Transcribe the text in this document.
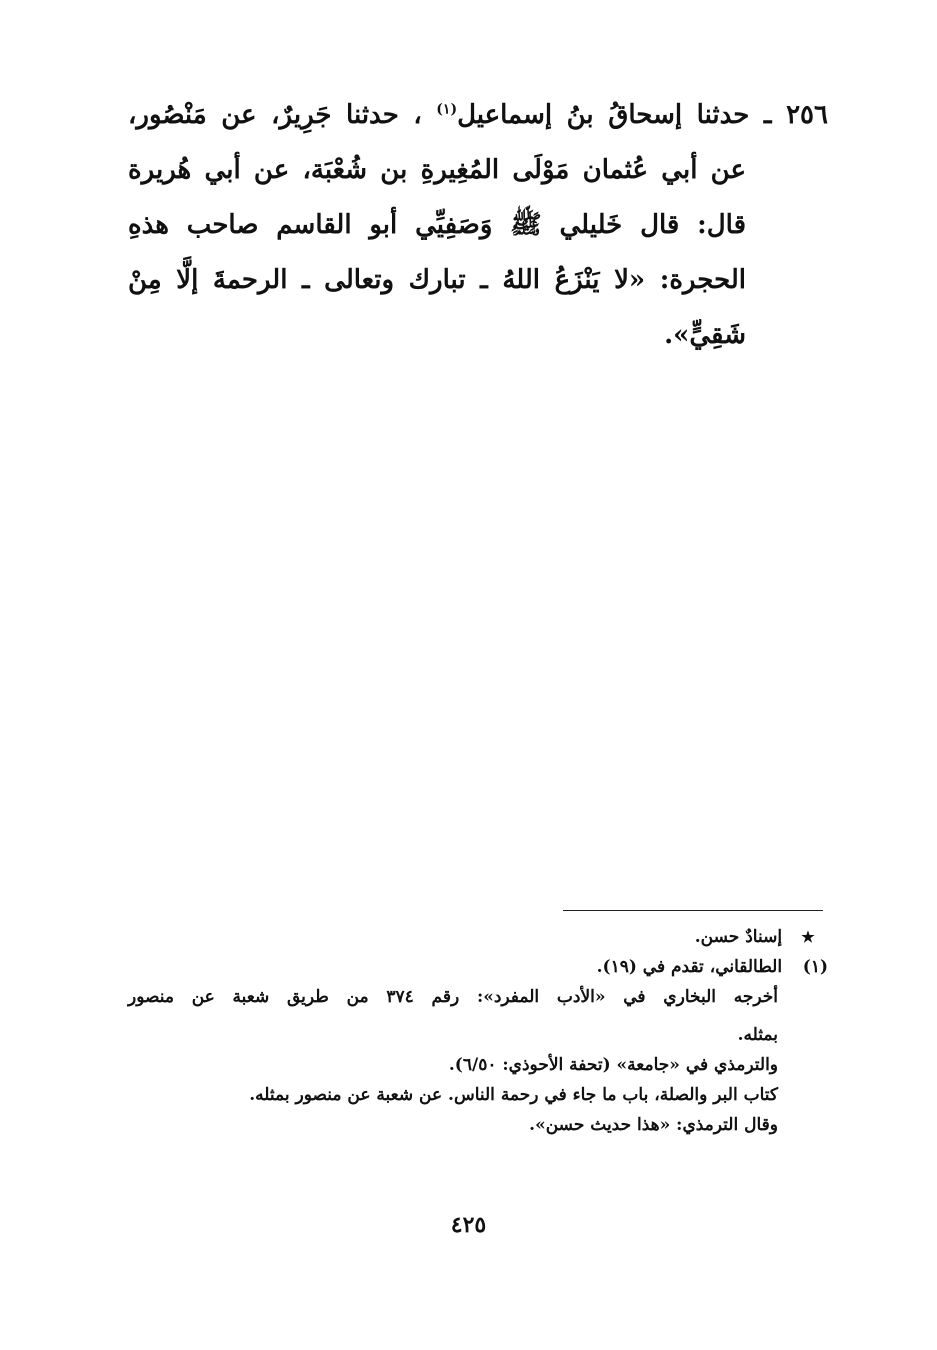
٢٥٦ ـ حدثنا إسحاقُ بنُ إسماعيل$^{(١)}$ ، حدثنا جَرِيرٌ، عن مَنْصُور،
عن أبي عُثمان مَوْلَى المُغِيرةِ بن شُعْبَة، عن أبي هُريرة
قال: قال خَليلي ﷺ وَصَفِيِّي أبو القاسم صاحب هذهِ
الحجرة: «لا يَنْزَعُ اللهُ ـ تبارك وتعالى ـ الرحمةَ إلَّا مِنْ
شَقِيٍّ».
★ إسنادٌ حسن.
(١) الطالقاني، تقدم في (١٩).
أخرجه البخاري في «الأدب المفرد»: رقم ٣٧٤ من طريق شعبة عن منصور
بمثله.
والترمذي في «جامعة» (تحفة الأحوذي: ٦/٥٠).
كتاب البر والصلة، باب ما جاء في رحمة الناس. عن شعبة عن منصور بمثله.
وقال الترمذي: «هذا حديث حسن».
٤٢٥
